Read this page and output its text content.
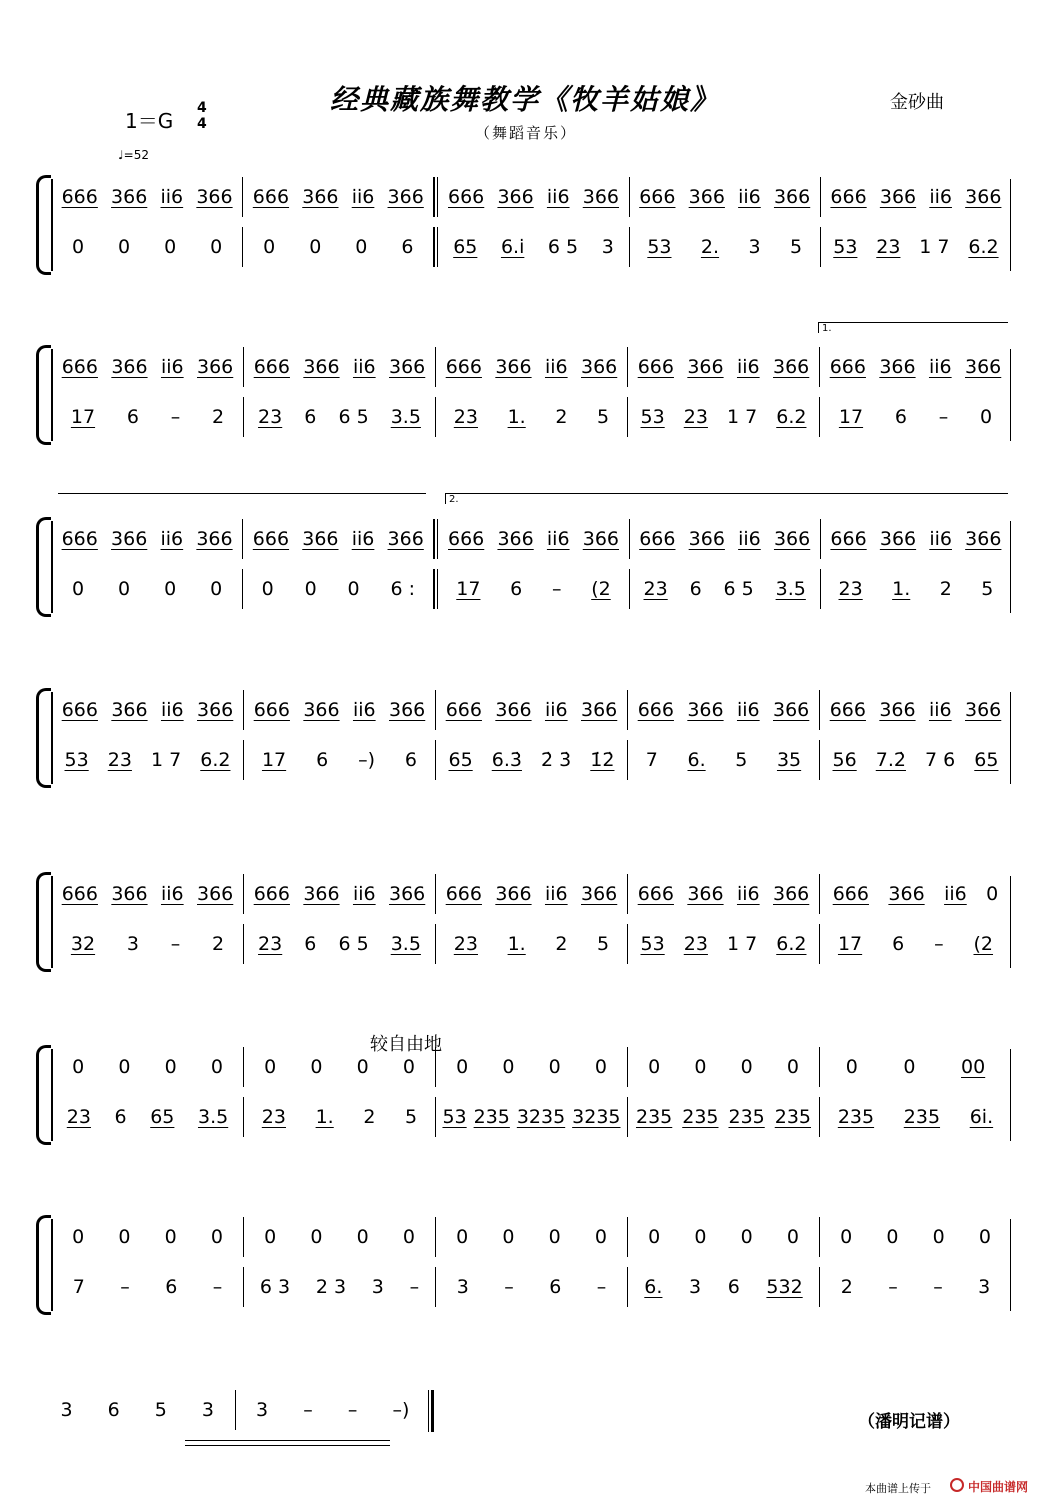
经典藏族舞教学《牧羊姑娘》	金砂曲
（舞蹈音乐）
1＝G
4
4
♩=52
较自由地
（潘明记谱）
本曲谱上传于	中国曲谱网
1.
2.
666 366 i̇i̇6 366 666 366 i̇i̇6 366 666 366 i̇i̇6 366 666 366 i̇i̇6 366 666 366 i̇i̇6 366
0 0 0 0 0 0 0 6 65 6.i̇ 6 5 3 53 2. 3 5 53 23 1 7 6.2
666 366 i̇i̇6 366 666 366 i̇i̇6 366 666 366 i̇i̇6 366 666 366 i̇i̇6 366 666 366 i̇i̇6 366
17 6 – 2 23 6 6 5 3.5 23 1. 2 5 53 23 1 7 6.2 17 6 – 0
666 366 i̇i̇6 366 666 366 i̇i̇6 366 666 366 i̇i̇6 366 666 366 i̇i̇6 366 666 366 i̇i̇6 366
0 0 0 0 0 0 0 6 : 17 6 – (2 23 6 6 5 3.5 23 1. 2 5
666 366 i̇i̇6 366 666 366 i̇i̇6 366 666 366 i̇i̇6 366 666 366 i̇i̇6 366 666 366 i̇i̇6 366
53 23 1 7 6.2 17 6 –) 6 65 6.3̇ 2̇ 3̇ 1̇2̇ 7 6. 5 35 56 7.2̇ 7 6 65
666 366 i̇i̇6 366 666 366 i̇i̇6 366 666 366 i̇i̇6 366 666 366 i̇i̇6 366 666 366 i̇i̇6 0
32 3 – 2 23 6 6 5 3.5 23 1. 2 5 53 23 1 7 6.2 17 6 – (2
0 0 0 0 0 0 0 0 0 0 0 0 0 0 0 0 0 0 00
23 6 65 3.5 23 1. 2 5 53 235 3235 3235 235 235 235 235 235 235 6i̇.
0 0 0 0 0 0 0 0 0 0 0 0 0 0 0 0 0 0 0 0
7 – 6 – 6 3 2 3 3 – 3 – 6 – 6. 3 6 532 2 – – 3
3 6 5 3 3 – – –)
